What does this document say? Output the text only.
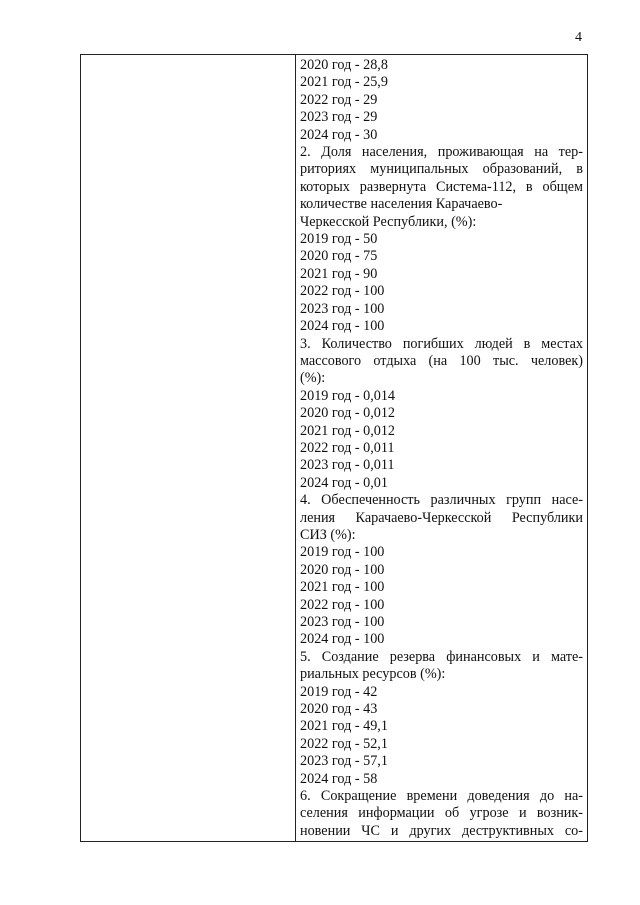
4
2020 год - 28,8
2021 год - 25,9
2022 год - 29
2023 год - 29
2024 год - 30
2. Доля населения, проживающая на тер-
риториях муниципальных образований, в
которых развернута Система-112, в общем
количестве населения Карачаево-
Черкесской Республики, (%):
2019 год - 50
2020 год - 75
2021 год - 90
2022 год - 100
2023 год - 100
2024 год - 100
3. Количество погибших людей в местах
массового отдыха (на 100 тыс. человек)
(%):
2019 год - 0,014
2020 год - 0,012
2021 год - 0,012
2022 год - 0,011
2023 год - 0,011
2024 год - 0,01
4. Обеспеченность различных групп насе-
ления Карачаево-Черкесской Республики
СИЗ (%):
2019 год - 100
2020 год - 100
2021 год - 100
2022 год - 100
2023 год - 100
2024 год - 100
5. Создание резерва финансовых и мате-
риальных ресурсов (%):
2019 год - 42
2020 год - 43
2021 год - 49,1
2022 год - 52,1
2023 год - 57,1
2024 год - 58
6. Сокращение времени доведения до на-
селения информации об угрозе и возник-
новении ЧС и других деструктивных со-
